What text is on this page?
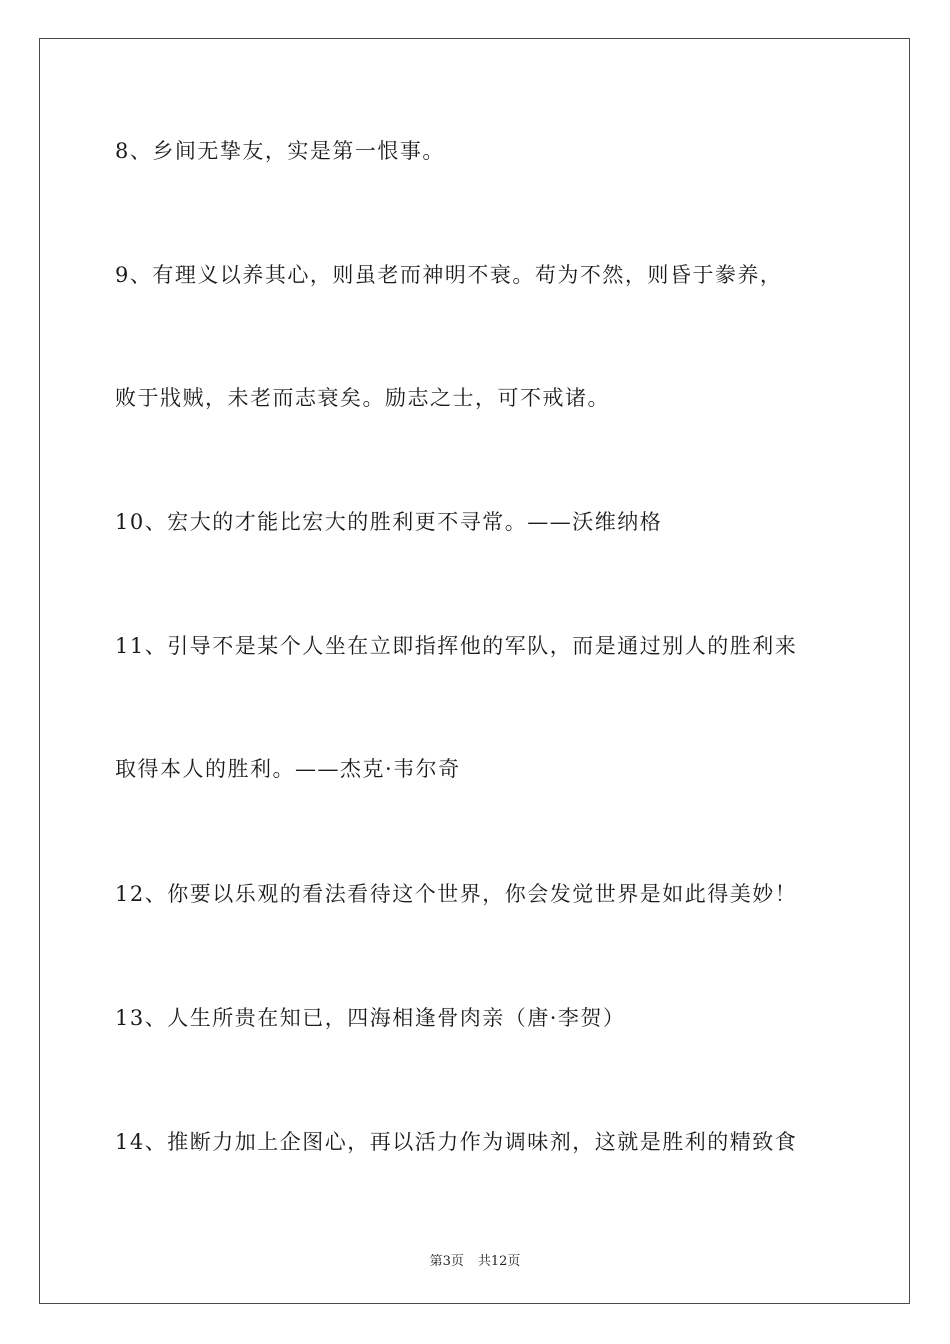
8、乡间无挚友，实是第一恨事。
9、有理义以养其心，则虽老而神明不衰。苟为不然，则昏于豢养，
败于戕贼，未老而志衰矣。励志之士，可不戒诸。
10、宏大的才能比宏大的胜利更不寻常。——沃维纳格
11、引导不是某个人坐在立即指挥他的军队，而是通过别人的胜利来
取得本人的胜利。——杰克·韦尔奇
12、你要以乐观的看法看待这个世界，你会发觉世界是如此得美妙！
13、人生所贵在知已，四海相逢骨肉亲（唐·李贺）
14、推断力加上企图心，再以活力作为调味剂，这就是胜利的精致食
第3页 共12页
